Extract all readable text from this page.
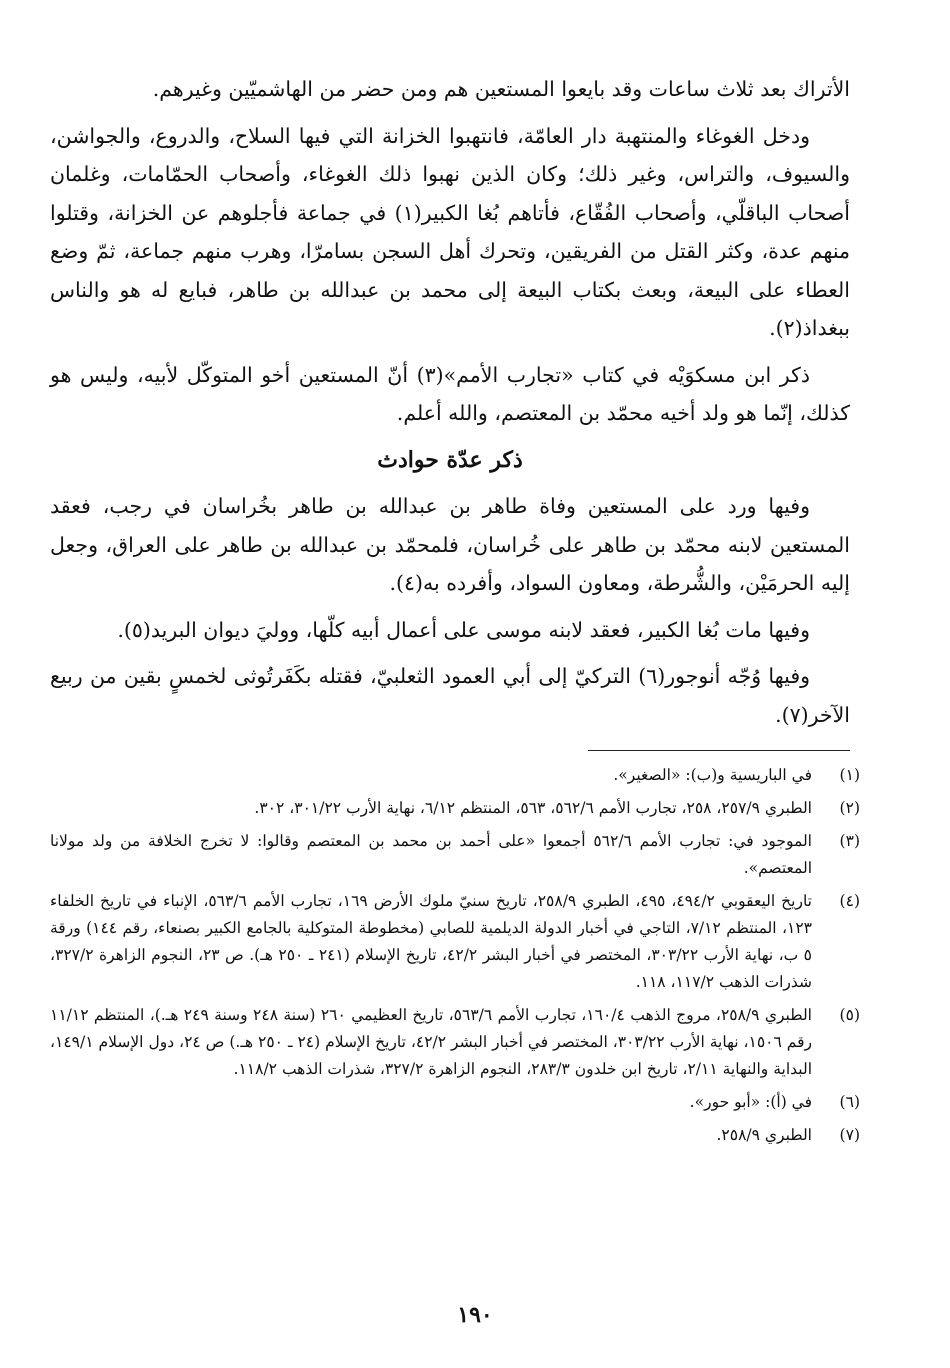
الأتراك بعد ثلاث ساعات وقد بايعوا المستعين هم ومن حضر من الهاشميّين وغيرهم.

ودخل الغوغاء والمنتهبة دار العامّة، فانتهبوا الخزانة التي فيها السلاح، والدروع، والجواشن، والسيوف، والتراس، وغير ذلك؛ وكان الذين نهبوا ذلك الغوغاء، وأصحاب الحمّامات، وغلمان أصحاب الباقلّي، وأصحاب الفُقّاع، فأتاهم بُغا الكبير(١) في جماعة فأجلوهم عن الخزانة، وقتلوا منهم عدة، وكثر القتل من الفريقين، وتحرك أهل السجن بسامرّا، وهرب منهم جماعة، ثمّ وضع العطاء على البيعة، وبعث بكتاب البيعة إلى محمد بن عبدالله بن طاهر، فبايع له هو والناس ببغداذ(٢).

ذكر ابن مسكوَيْه في كتاب «تجارب الأمم»(٣) أنّ المستعين أخو المتوكّل لأبيه، وليس هو كذلك، إنّما هو ولد أخيه محمّد بن المعتصم، والله أعلم.

ذكر عدّة حوادث

وفيها ورد على المستعين وفاة طاهر بن عبدالله بن طاهر بخُراسان في رجب، فعقد المستعين لابنه محمّد بن طاهر على خُراسان، فلمحمّد بن عبدالله بن طاهر على العراق، وجعل إليه الحرمَيْن، والشُّرطة، ومعاون السواد، وأفرده به(٤).

وفيها مات بُغا الكبير، فعقد لابنه موسى على أعمال أبيه كلّها، ووليَ ديوان البريد(٥).

وفيها وُجّه أنوجور(٦) التركيّ إلى أبي العمود الثعلبيّ، فقتله بكَفَرتُوثى لخمسٍ بقين من ربيع الآخر(٧).

(١)
في الباريسية و(ب): «الصغير».
(٢)
الطبري ٢٥٧/٩، ٢٥٨، تجارب الأمم ٥٦٢/٦، ٥٦٣، المنتظم ٦/١٢، نهاية الأرب ٣٠١/٢٢، ٣٠٢.
(٣)
الموجود في: تجارب الأمم ٥٦٢/٦ أجمعوا «على أحمد بن محمد بن المعتصم وقالوا: لا تخرج الخلافة من ولد مولانا المعتصم».
(٤)
تاريخ اليعقوبي ٤٩٤/٢، ٤٩٥، الطبري ٢٥٨/٩، تاريخ سنيّ ملوك الأرض ١٦٩، تجارب الأمم ٥٦٣/٦، الإنباء في تاريخ الخلفاء ١٢٣، المنتظم ٧/١٢، التاجي في أخبار الدولة الديلمية للصابي (مخطوطة المتوكلية بالجامع الكبير بصنعاء، رقم ١٤٤) ورقة ٥ ب، نهاية الأرب ٣٠٣/٢٢، المختصر في أخبار البشر ٤٢/٢، تاريخ الإسلام (٢٤١ ـ ٢٥٠ هـ). ص ٢٣، النجوم الزاهرة ٣٢٧/٢، شذرات الذهب ١١٧/٢، ١١٨.
(٥)
الطبري ٢٥٨/٩، مروج الذهب ١٦٠/٤، تجارب الأمم ٥٦٣/٦، تاريخ العظيمي ٢٦٠ (سنة ٢٤٨ وسنة ٢٤٩ هـ.)، المنتظم ١١/١٢ رقم ١٥٠٦، نهاية الأرب ٣٠٣/٢٢، المختصر في أخبار البشر ٤٢/٢، تاريخ الإسلام (٢٤ ـ ٢٥٠ هـ.) ص ٢٤، دول الإسلام ١٤٩/١، البداية والنهاية ٢/١١، تاريخ ابن خلدون ٢٨٣/٣، النجوم الزاهرة ٣٢٧/٢، شذرات الذهب ١١٨/٢.
(٦)
في (أ): «أبو حور».
(٧)
الطبري ٢٥٨/٩.
١٩٠
